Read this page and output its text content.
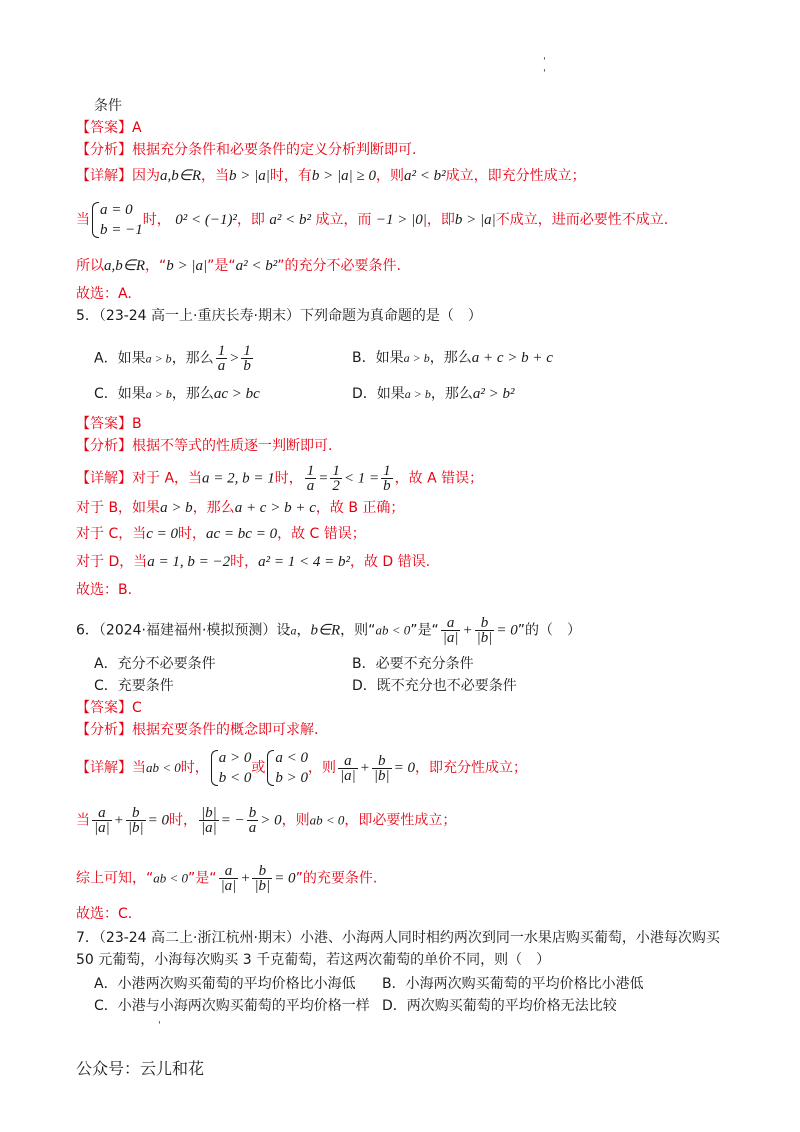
'
'
条件
【答案】A
【分析】根据充分条件和必要条件的定义分析判断即可.
【详解】因为a,b∈R，当b > |a|时，有b > |a| ≥ 0，则a² < b²成立，即充分性成立；
当
a = 0
b = −1
时， 0² < (−1)²，即 a² < b² 成立，而 −1 > |0|，即b > |a|不成立，进而必要性不成立.
所以a,b∈R，“b > |a|”是“a² < b²”的充分不必要条件.
故选：A.
5．（23-24 高一上·重庆长寿·期末）下列命题为真命题的是（　）
A．如果a > b，那么 $\frac{1}{a} > \frac{1}{b}$	B．如果a > b，那么a + c > b + c
C．如果a > b，那么ac > bc	D．如果a > b，那么a² > b²
【答案】B
【分析】根据不等式的性质逐一判断即可.
【详解】对于 A，当a = 2, b = 1时， $\frac{1}{a} = \frac{1}{2} < 1 = \frac{1}{b}$ ，故 A 错误；
对于 B，如果a > b，那么a + c > b + c，故 B 正确；
对于 C，当c = 0时，ac = bc = 0，故 C 错误；
对于 D，当a = 1, b = −2时，a² = 1 < 4 = b²，故 D 错误.
故选：B.
6．（2024·福建福州·模拟预测）设a，b∈R，则“ab < 0”是“ $\frac{a}{|a|} + \frac{b}{|b|} = 0$”的（　）
A．充分不必要条件	B．必要不充分条件
C．充要条件	D．既不充分也不必要条件
【答案】C
【分析】根据充要条件的概念即可求解.
【详解】当ab < 0时，
a > 0
b < 0
或
a < 0
b > 0
，则 $\frac{a}{|a|} + \frac{b}{|b|} = 0$，即充分性成立；
当 $\frac{a}{|a|} + \frac{b}{|b|} = 0$时， $\frac{|b|}{|a|}$ = − $\frac{b}{a} > 0$，则ab < 0，即必要性成立；
综上可知，“ab < 0”是“ $\frac{a}{|a|} + \frac{b}{|b|} = 0$”的充要条件.
故选：C.
7．（23-24 高二上·浙江杭州·期末）小港、小海两人同时相约两次到同一水果店购买葡萄，小港每次购买
50 元葡萄，小海每次购买 3 千克葡萄，若这两次葡萄的单价不同，则（　）
A．小港两次购买葡萄的平均价格比小海低 B．小海两次购买葡萄的平均价格比小港低
C．小港与小海两次购买葡萄的平均价格一样 D．两次购买葡萄的平均价格无法比较
'
公众号：云儿和花
